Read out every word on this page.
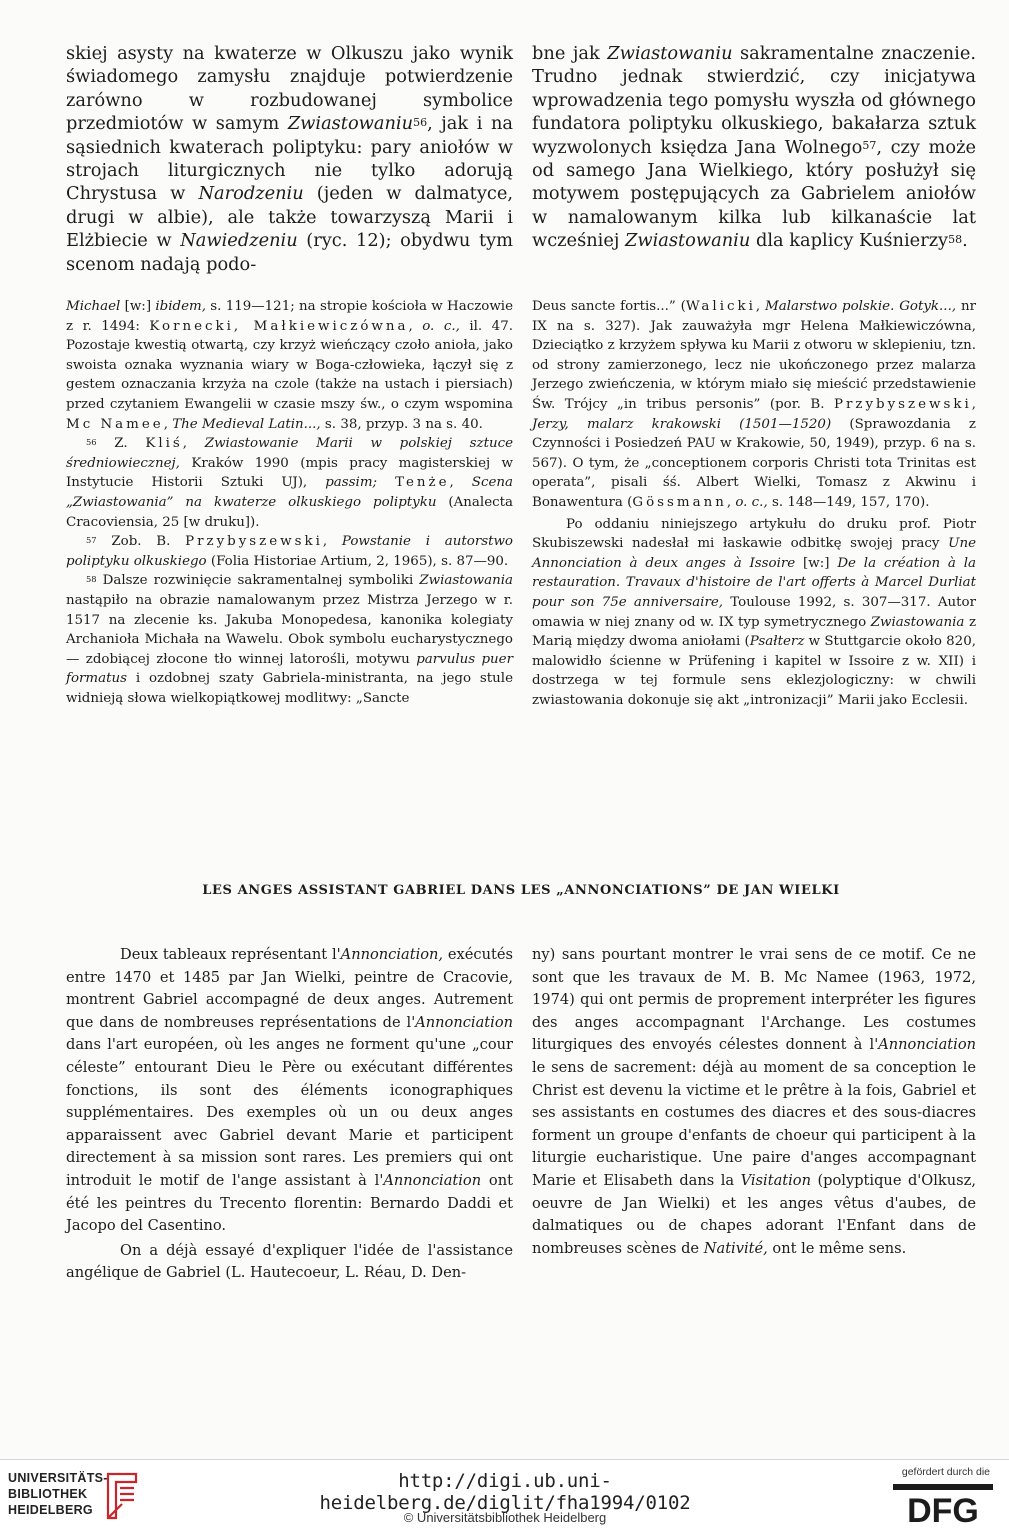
skiej asysty na kwaterze w Olkuszu jako wynik świadomego zamysłu znajduje potwierdzenie zarówno w rozbudowanej symbolice przedmiotów w samym Zwiastowaniu$^{56}$, jak i na sąsiednich kwaterach poliptyku: pary aniołów w strojach liturgicznych nie tylko adorują Chrystusa w Narodzeniu (jeden w dalmatyce, drugi w albie), ale także towarzyszą Marii i Elżbiecie w Nawiedzeniu (ryc. 12); obydwu tym scenom nadają podo-

bne jak Zwiastowaniu sakramentalne znaczenie. Trudno jednak stwierdzić, czy inicjatywa wprowadzenia tego pomysłu wyszła od głównego fundatora poliptyku olkuskiego, bakałarza sztuk wyzwolonych księdza Jana Wolnego$^{57}$, czy może od samego Jana Wielkiego, który posłużył się motywem postępujących za Gabrielem aniołów w namalowanym kilka lub kilkanaście lat wcześniej Zwiastowaniu dla kaplicy Kuśnierzy$^{58}$.

Michael [w:] ibidem, s. 119—121; na stropie kościoła w Haczowie z r. 1494: Kornecki, Małkiewiczówna, o. c., il. 47. Pozostaje kwestią otwartą, czy krzyż wieńczący czoło anioła, jako swoista oznaka wyznania wiary w Boga-człowieka, łączył się z gestem oznaczania krzyża na czole (także na ustach i piersiach) przed czytaniem Ewangelii w czasie mszy św., o czym wspomina Mc Namee, The Medieval Latin..., s. 38, przyp. 3 na s. 40.

$^{56}$ Z. Kliś, Zwiastowanie Marii w polskiej sztuce średniowiecznej, Kraków 1990 (mpis pracy magisterskiej w Instytucie Historii Sztuki UJ), passim; Tenże, Scena „Zwiastowania” na kwaterze olkuskiego poliptyku (Analecta Cracoviensia, 25 [w druku]).

$^{57}$ Zob. B. Przybyszewski, Powstanie i autorstwo poliptyku olkuskiego (Folia Historiae Artium, 2, 1965), s. 87—90.

$^{58}$ Dalsze rozwinięcie sakramentalnej symboliki Zwiastowania nastąpiło na obrazie namalowanym przez Mistrza Jerzego w r. 1517 na zlecenie ks. Jakuba Monopedesa, kanonika kolegiaty Archanioła Michała na Wawelu. Obok symbolu eucharystycznego — zdobiącej złocone tło winnej latorośli, motywu parvulus puer formatus i ozdobnej szaty Gabriela-ministranta, na jego stule widnieją słowa wielkopiątkowej modlitwy: „Sancte

Deus sancte fortis...” (Walicki, Malarstwo polskie. Gotyk..., nr IX na s. 327). Jak zauważyła mgr Helena Małkiewiczówna, Dzieciątko z krzyżem spływa ku Marii z otworu w sklepieniu, tzn. od strony zamierzonego, lecz nie ukończonego przez malarza Jerzego zwieńczenia, w którym miało się mieścić przedstawienie Św. Trójcy „in tribus personis” (por. B. Przybyszewski, Jerzy, malarz krakowski (1501—1520) (Sprawozdania z Czynności i Posiedzeń PAU w Krakowie, 50, 1949), przyp. 6 na s. 567). O tym, że „conceptionem corporis Christi tota Trinitas est operata”, pisali śś. Albert Wielki, Tomasz z Akwinu i Bonawentura (Gössmann, o. c., s. 148—149, 157, 170).

Po oddaniu niniejszego artykułu do druku prof. Piotr Skubiszewski nadesłał mi łaskawie odbitkę swojej pracy Une Annonciation à deux anges à Issoire [w:] De la création à la restauration. Travaux d'histoire de l'art offerts à Marcel Durliat pour son 75e anniversaire, Toulouse 1992, s. 307—317. Autor omawia w niej znany od w. IX typ symetrycznego Zwiastowania z Marią między dwoma aniołami (Psałterz w Stuttgarcie około 820, malowidło ścienne w Prüfening i kapitel w Issoire z w. XII) i dostrzega w tej formule sens eklezjologiczny: w chwili zwiastowania dokonuje się akt „intronizacji” Marii jako Ecclesii.

LES ANGES ASSISTANT GABRIEL DANS LES „ANNONCIATIONS” DE JAN WIELKI

Deux tableaux représentant l'Annonciation, exécutés entre 1470 et 1485 par Jan Wielki, peintre de Cracovie, montrent Gabriel accompagné de deux anges. Autrement que dans de nombreuses représentations de l'Annonciation dans l'art européen, où les anges ne forment qu'une „cour céleste” entourant Dieu le Père ou exécutant différentes fonctions, ils sont des éléments iconographiques supplémentaires. Des exemples où un ou deux anges apparaissent avec Gabriel devant Marie et participent directement à sa mission sont rares. Les premiers qui ont introduit le motif de l'ange assistant à l'Annonciation ont été les peintres du Trecento florentin: Bernardo Daddi et Jacopo del Casentino.

On a déjà essayé d'expliquer l'idée de l'assistance angélique de Gabriel (L. Hautecoeur, L. Réau, D. Den-

ny) sans pourtant montrer le vrai sens de ce motif. Ce ne sont que les travaux de M. B. Mc Namee (1963, 1972, 1974) qui ont permis de proprement interpréter les figures des anges accompagnant l'Archange. Les costumes liturgiques des envoyés célestes donnent à l'Annonciation le sens de sacrement: déjà au moment de sa conception le Christ est devenu la victime et le prêtre à la fois, Gabriel et ses assistants en costumes des diacres et des sous-diacres forment un groupe d'enfants de choeur qui participent à la liturgie eucharistique. Une paire d'anges accompagnant Marie et Elisabeth dans la Visitation (polyptique d'Olkusz, oeuvre de Jan Wielki) et les anges vêtus d'aubes, de dalmatiques ou de chapes adorant l'Enfant dans de nombreuses scènes de Nativité, ont le même sens.

UNIVERSITÄTS-
BIBLIOTHEK
HEIDELBERG
http://digi.ub.uni-heidelberg.de/diglit/fha1994/0102
© Universitätsbibliothek Heidelberg
gefördert durch die
DFG
